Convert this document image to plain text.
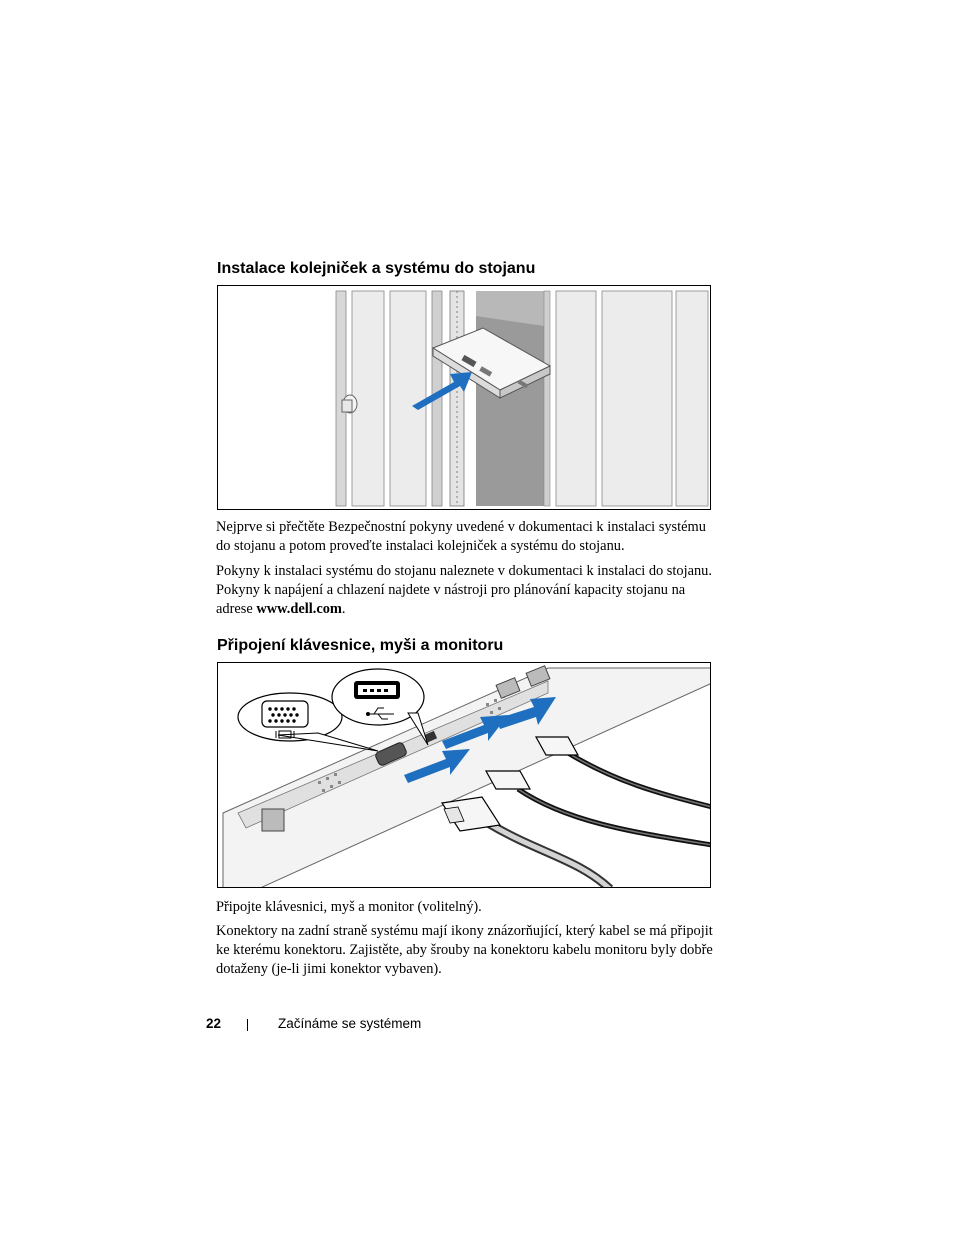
Instalace kolejniček a systému do stojanu

Nejprve si přečtěte Bezpečnostní pokyny uvedené v dokumentaci k instalaci systému do stojanu a potom proveďte instalaci kolejniček a systému do stojanu.

Pokyny k instalaci systému do stojanu naleznete v dokumentaci k instalaci do stojanu. Pokyny k napájení a chlazení najdete v nástroji pro plánování kapacity stojanu na adrese www.dell.com.

Připojení klávesnice, myši a monitoru

Připojte klávesnici, myš a monitor (volitelný).

Konektory na zadní straně systému mají ikony znázorňující, který kabel se má připojit ke kterému konektoru. Zajistěte, aby šrouby na konektoru kabelu monitoru byly dobře dotaženy (je-li jimi konektor vybaven).

22	Začínáme se systémem
